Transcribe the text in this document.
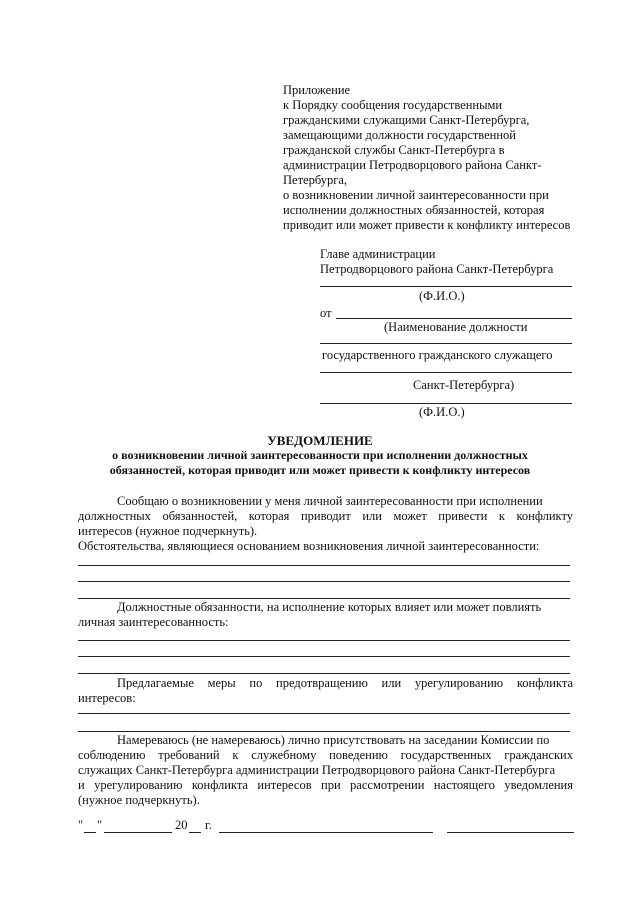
Приложение
к Порядку сообщения государственными
гражданскими служащими Санкт-Петербурга,
замещающими должности государственной
гражданской службы Санкт-Петербурга в
администрации Петродворцового района Санкт-
Петербурга,
о возникновении личной заинтересованности при
исполнении должностных обязанностей, которая
приводит или может привести к конфликту интересов
Главе администрации
Петродворцового района Санкт-Петербурга
(Ф.И.О.)
от
(Наименование должности
государственного гражданского служащего
Санкт-Петербурга)
(Ф.И.О.)
УВЕДОМЛЕНИЕ
о возникновении личной заинтересованности при исполнении должностных
обязанностей, которая приводит или может привести к конфликту интересов
Сообщаю о возникновении у меня личной заинтересованности при исполнении
должностных обязанностей, которая приводит или может привести к конфликту
интересов (нужное подчеркнуть).
Обстоятельства, являющиеся основанием возникновения личной заинтересованности:
Должностные обязанности, на исполнение которых влияет или может повлиять
личная заинтересованность:
Предлагаемые меры по предотвращению или урегулированию конфликта
интересов:
Намереваюсь (не намереваюсь) лично присутствовать на заседании Комиссии по
соблюдению требований к служебному поведению государственных гражданских
служащих Санкт-Петербурга администрации Петродворцового района Санкт-Петербурга
и урегулированию конфликта интересов при рассмотрении настоящего уведомления
(нужное подчеркнуть).
" "	20 г.
